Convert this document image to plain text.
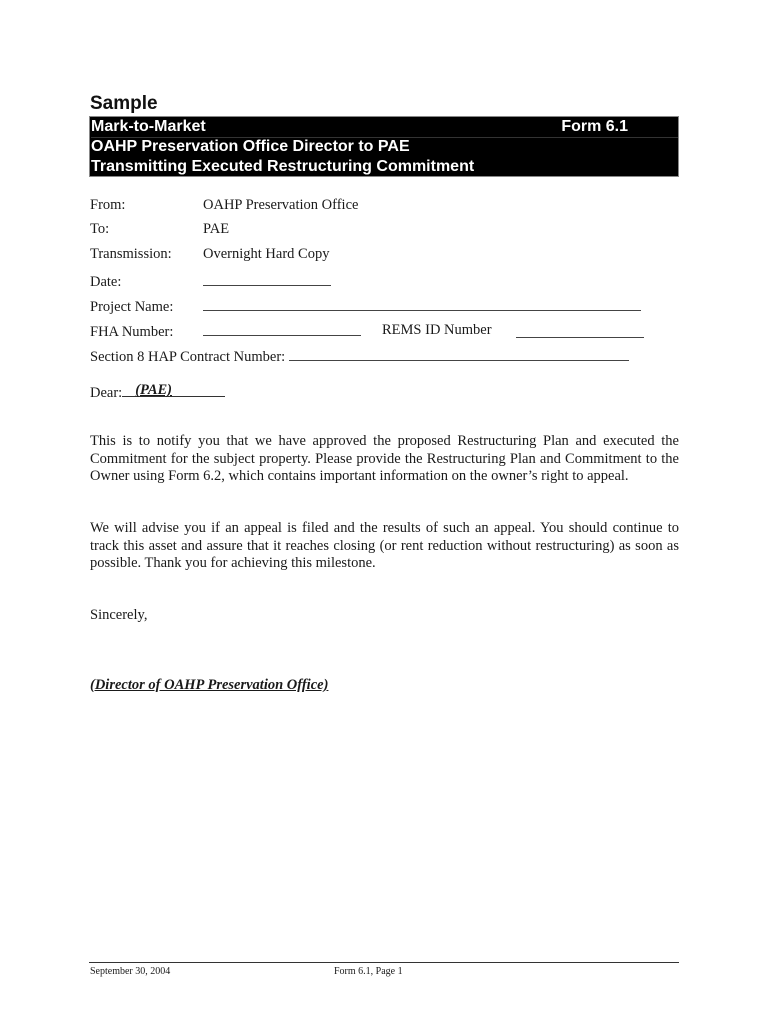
Sample
Mark-to-Market	Form 6.1
OAHP Preservation Office Director to PAE
Transmitting Executed Restructuring Commitment
From:	OAHP Preservation Office
To:	PAE
Transmission: Overnight Hard Copy
Date:
Project Name:
FHA Number:	REMS ID Number
Section 8 HAP Contract Number:
Dear: (PAE)
This is to notify you that we have approved the proposed Restructuring Plan and executed the Commitment for the subject property. Please provide the Restructuring Plan and Commitment to the Owner using Form 6.2, which contains important information on the owner’s right to appeal.
We will advise you if an appeal is filed and the results of such an appeal. You should continue to track this asset and assure that it reaches closing (or rent reduction without restructuring) as soon as possible. Thank you for achieving this milestone.
Sincerely,
(Director of OAHP Preservation Office)
September 30, 2004	Form 6.1, Page 1
